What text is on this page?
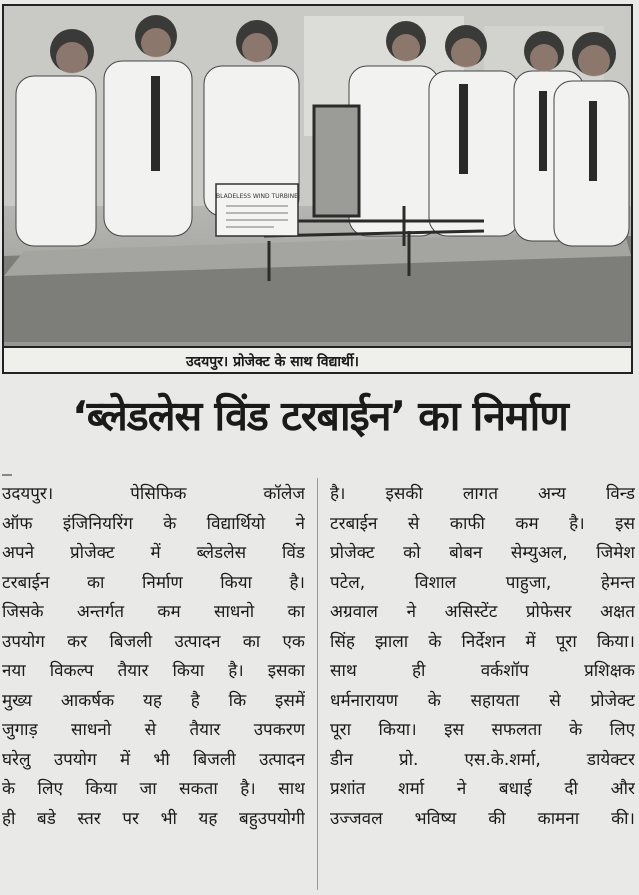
BLADELESS WIND TURBINE
उदयपुर। प्रोजेक्ट के साथ विद्यार्थी।
‘ब्लेडलेस विंड टरबाईन’ का निर्माण
उदयपुर। पेसिफिक कॉलेज
ऑफ इंजिनियरिंग के विद्यार्थियो ने
अपने प्रोजेक्ट में ब्लेडलेस विंड
टरबाईन का निर्माण किया है।
जिसके अन्तर्गत कम साधनो का
उपयोग कर बिजली उत्पादन का एक
नया विकल्प तैयार किया है। इसका
मुख्य आकर्षक यह है कि इसमें
जुगाड़ साधनो से तैयार उपकरण
घरेलु उपयोग में भी बिजली उत्पादन
के लिए किया जा सकता है। साथ
ही बडे स्तर पर भी यह बहुउपयोगी
है। इसकी लागत अन्य विन्ड
टरबाईन से काफी कम है। इस
प्रोजेक्ट को बोबन सेम्युअल, जिमेश
पटेल, विशाल पाहुजा, हेमन्त
अग्रवाल ने असिस्टेंट प्रोफेसर अक्षत
सिंह झाला के निर्देशन में पूरा किया।
साथ ही वर्कशॉप प्रशिक्षक
धर्मनारायण के सहायता से प्रोजेक्ट
पूरा किया। इस सफलता के लिए
डीन प्रो. एस.के.शर्मा, डायेक्टर
प्रशांत शर्मा ने बधाई दी और
उज्जवल भविष्य की कामना की।
